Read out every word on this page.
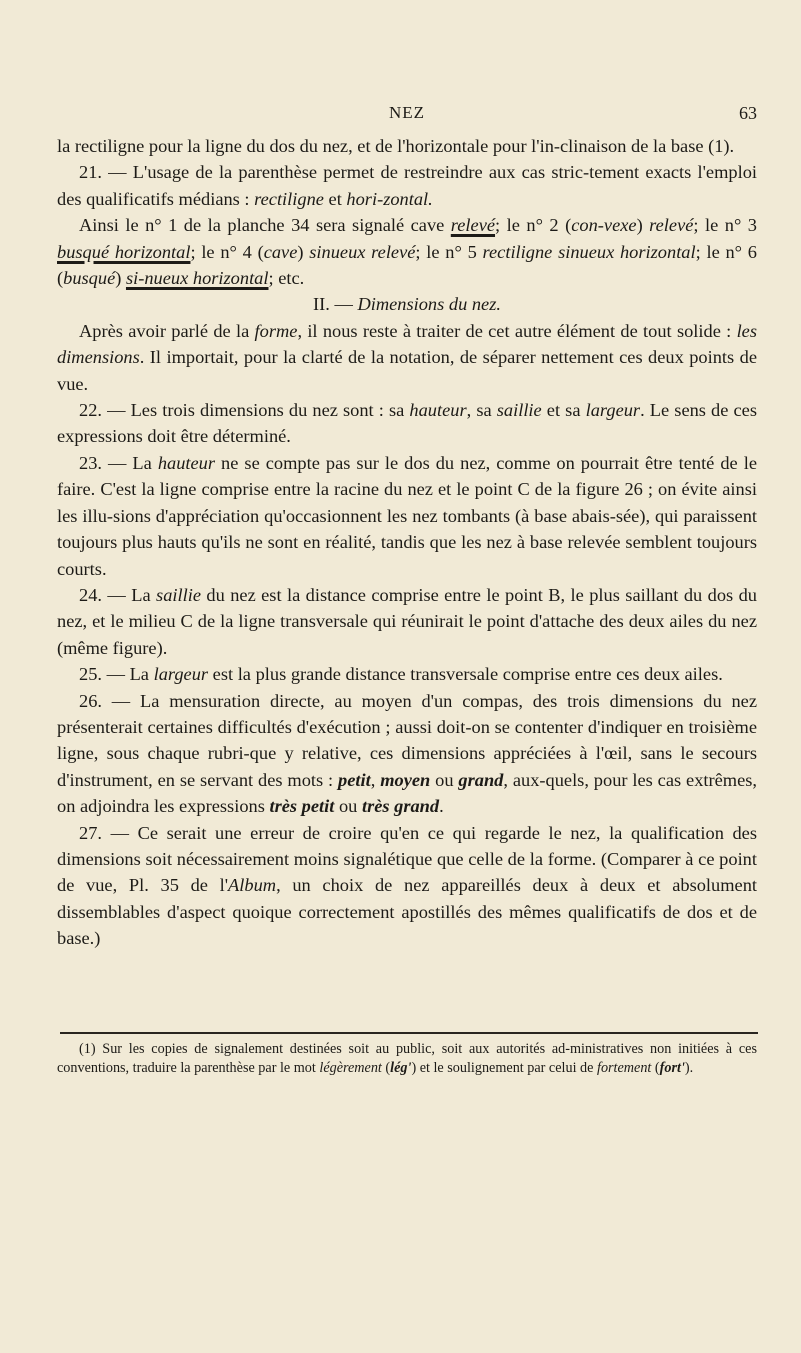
NEZ	63

la rectiligne pour la ligne du dos du nez, et de l'horizontale pour l'in-clinaison de la base (1).

21. — L'usage de la parenthèse permet de restreindre aux cas stric-tement exacts l'emploi des qualificatifs médians : rectiligne et hori-zontal.

Ainsi le n° 1 de la planche 34 sera signalé cave relevé; le n° 2 (con-vexe) relevé; le n° 3 busqué horizontal; le n° 4 (cave) sinueux relevé; le n° 5 rectiligne sinueux horizontal; le n° 6 (busqué) si-nueux horizontal; etc.

II. — Dimensions du nez.

Après avoir parlé de la forme, il nous reste à traiter de cet autre élément de tout solide : les dimensions. Il importait, pour la clarté de la notation, de séparer nettement ces deux points de vue.

22. — Les trois dimensions du nez sont : sa hauteur, sa saillie et sa largeur. Le sens de ces expressions doit être déterminé.

23. — La hauteur ne se compte pas sur le dos du nez, comme on pourrait être tenté de le faire. C'est la ligne comprise entre la racine du nez et le point C de la figure 26 ; on évite ainsi les illu-sions d'appréciation qu'occasionnent les nez tombants (à base abais-sée), qui paraissent toujours plus hauts qu'ils ne sont en réalité, tandis que les nez à base relevée semblent toujours courts.

24. — La saillie du nez est la distance comprise entre le point B, le plus saillant du dos du nez, et le milieu C de la ligne transversale qui réunirait le point d'attache des deux ailes du nez (même figure).

25. — La largeur est la plus grande distance transversale comprise entre ces deux ailes.

26. — La mensuration directe, au moyen d'un compas, des trois dimensions du nez présenterait certaines difficultés d'exécution ; aussi doit-on se contenter d'indiquer en troisième ligne, sous chaque rubri-que y relative, ces dimensions appréciées à l'œil, sans le secours d'instrument, en se servant des mots : petit, moyen ou grand, aux-quels, pour les cas extrêmes, on adjoindra les expressions très petit ou très grand.

27. — Ce serait une erreur de croire qu'en ce qui regarde le nez, la qualification des dimensions soit nécessairement moins signalétique que celle de la forme. (Comparer à ce point de vue, Pl. 35 de l'Album, un choix de nez appareillés deux à deux et absolument dissemblables d'aspect quoique correctement apostillés des mêmes qualificatifs de dos et de base.)

(1) Sur les copies de signalement destinées soit au public, soit aux autorités ad-ministratives non initiées à ces conventions, traduire la parenthèse par le mot légèrement (lég') et le soulignement par celui de fortement (fort').
